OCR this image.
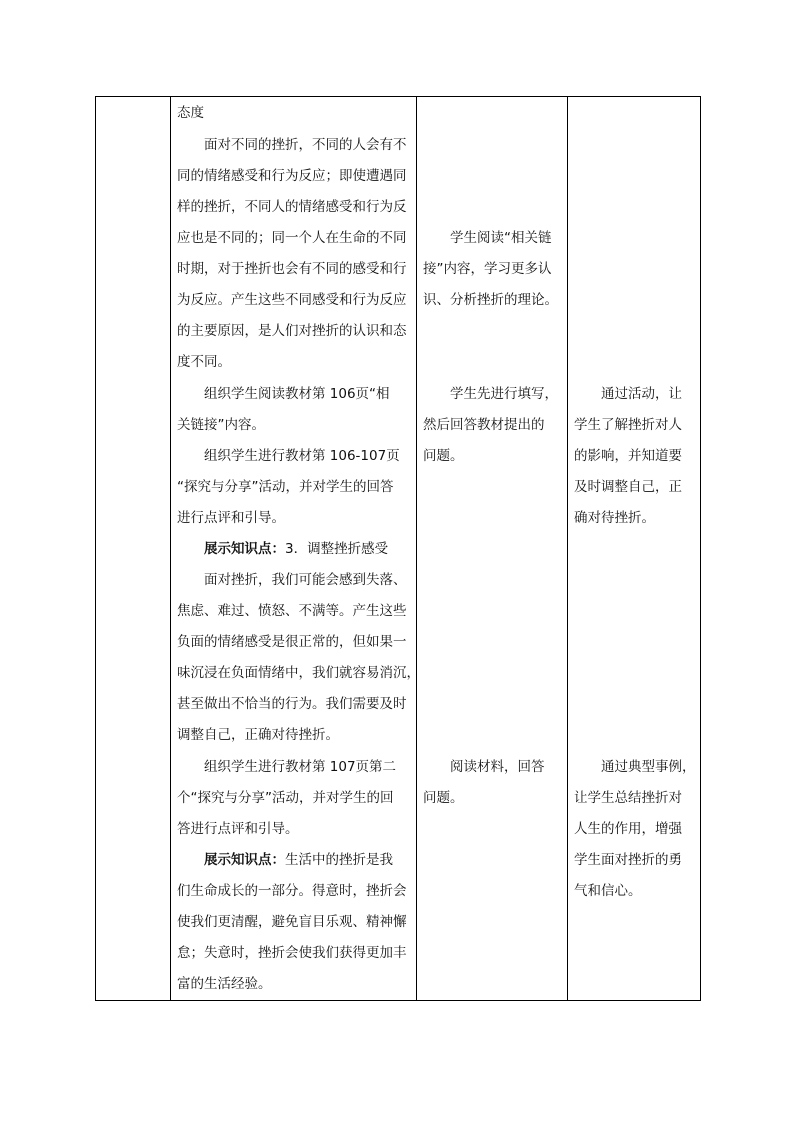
态度
面对不同的挫折，不同的人会有不
同的情绪感受和行为反应；即使遭遇同
样的挫折，不同人的情绪感受和行为反
应也是不同的；同一个人在生命的不同
时期，对于挫折也会有不同的感受和行
为反应。产生这些不同感受和行为反应
的主要原因，是人们对挫折的认识和态
度不同。
组织学生阅读教材第 106页“相
关链接”内容。
组织学生进行教材第 106-107页
“探究与分享”活动，并对学生的回答
进行点评和引导。
展示知识点：3．调整挫折感受
面对挫折，我们可能会感到失落、
焦虑、难过、愤怒、不满等。产生这些
负面的情绪感受是很正常的，但如果一
味沉浸在负面情绪中，我们就容易消沉，
甚至做出不恰当的行为。我们需要及时
调整自己，正确对待挫折。
组织学生进行教材第 107页第二
个“探究与分享”活动，并对学生的回
答进行点评和引导。
展示知识点：生活中的挫折是我
们生命成长的一部分。得意时，挫折会
使我们更清醒，避免盲目乐观、精神懈
怠；失意时，挫折会使我们获得更加丰
富的生活经验。

学生阅读“相关链
接”内容，学习更多认
识、分析挫折的理论。
学生先进行填写，
然后回答教材提出的
问题。
阅读材料，回答
问题。

通过活动，让
学生了解挫折对人
的影响，并知道要
及时调整自己，正
确对待挫折。
通过典型事例，
让学生总结挫折对
人生的作用，增强
学生面对挫折的勇
气和信心。
